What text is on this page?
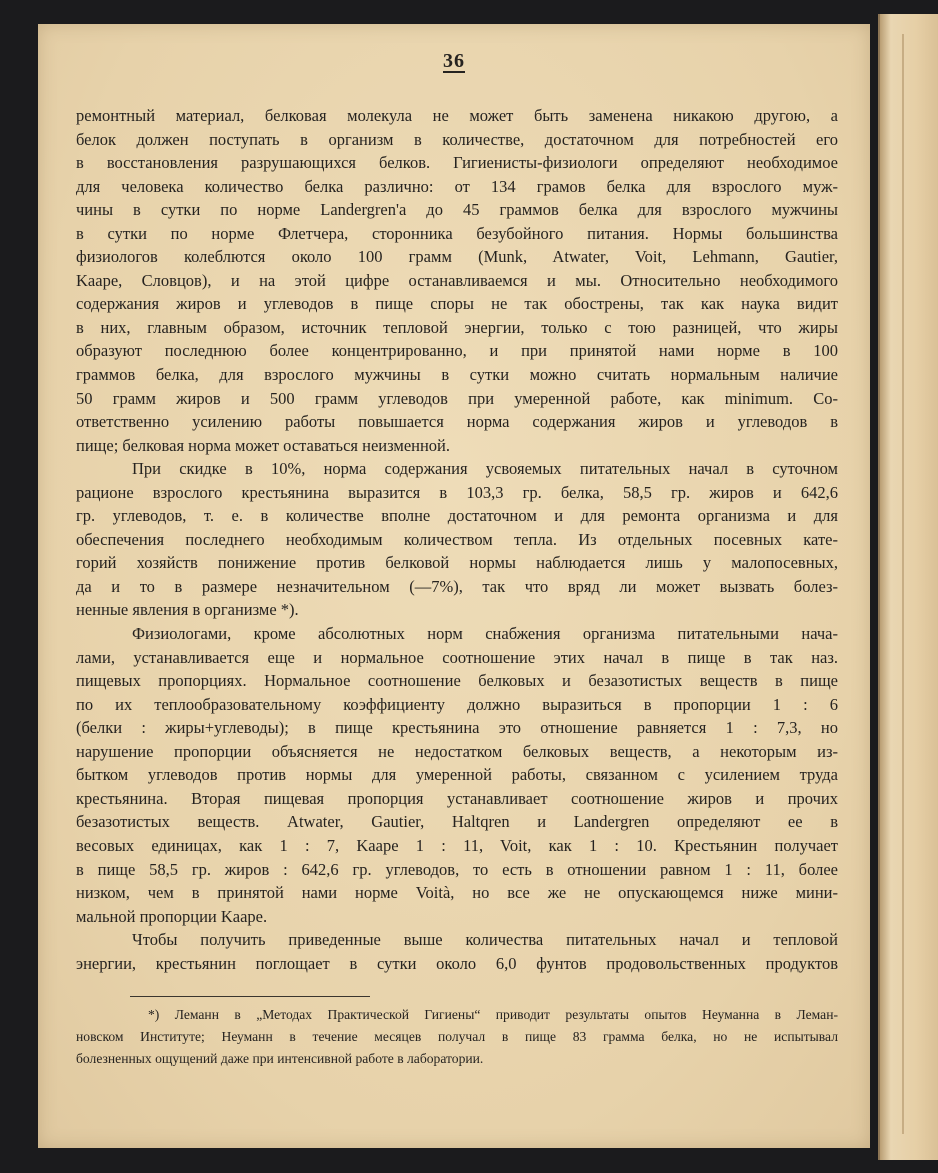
36
ремонтный материал, белковая молекула не может быть заменена никакою другою, а
белок должен поступать в организм в количестве, достаточном для потребностей его
в восстановления разрушающихся белков. Гигиенисты-физиологи определяют необходимое
для человека количество белка различно: от 134 грамов белка для взрослого муж-
чины в сутки по норме Landergren'a до 45 граммов белка для взрослого мужчины
в сутки по норме Флетчера, сторонника безубойного питания. Нормы большинства
физиологов колеблются около 100 грамм (Munk, Atwater, Voit, Lehmann, Gautier,
Kaape, Словцов), и на этой цифре останавливаемся и мы. Относительно необходимого
содержания жиров и углеводов в пище споры не так обострены, так как наука видит
в них, главным образом, источник тепловой энергии, только с тою разницей, что жиры
образуют последнюю более концентрированно, и при принятой нами норме в 100
граммов белка, для взрослого мужчины в сутки можно считать нормальным наличие
50 грамм жиров и 500 грамм углеводов при умеренной работе, как minimum. Со-
ответственно усилению работы повышается норма содержания жиров и углеводов в
пище; белковая норма может оставаться неизменной.
При скидке в 10%, норма содержания усвояемых питательных начал в суточном
рационе взрослого крестьянина выразится в 103,3 гр. белка, 58,5 гр. жиров и 642,6
гр. углеводов, т. е. в количестве вполне достаточном и для ремонта организма и для
обеспечения последнего необходимым количеством тепла. Из отдельных посевных кате-
горий хозяйств понижение против белковой нормы наблюдается лишь у малопосевных,
да и то в размере незначительном (—7%), так что вряд ли может вызвать болез-
ненные явления в организме *).
Физиологами, кроме абсолютных норм снабжения организма питательными нача-
лами, устанавливается еще и нормальное соотношение этих начал в пище в так наз.
пищевых пропорциях. Нормальное соотношение белковых и безазотистых веществ в пище
по их теплообразовательному коэффициенту должно выразиться в пропорции 1 : 6
(белки : жиры+углеводы); в пище крестьянина это отношение равняется 1 : 7,3, но
нарушение пропорции объясняется не недостатком белковых веществ, а некоторым из-
бытком углеводов против нормы для умеренной работы, связанном с усилением труда
крестьянина. Вторая пищевая пропорция устанавливает соотношение жиров и прочих
безазотистых веществ. Atwater, Gautier, Haltqren и Landergren определяют ее в
весовых единицах, как 1 : 7, Kaape 1 : 11, Voit, как 1 : 10. Крестьянин получает
в пище 58,5 гр. жиров : 642,6 гр. углеводов, то есть в отношении равном 1 : 11, более
низком, чем в принятой нами норме Voità, но все же не опускающемся ниже мини-
мальной пропорции Kaape.
Чтобы получить приведенные выше количества питательных начал и тепловой
энергии, крестьянин поглощает в сутки около 6,0 фунтов продовольственных продуктов
*) Леманн в „Методах Практической Гигиены“ приводит результаты опытов Неуманна в Леман-
новском Институте; Неуманн в течение месяцев получал в пище 83 грамма белка, но не испытывал
болезненных ощущений даже при интенсивной работе в лаборатории.
